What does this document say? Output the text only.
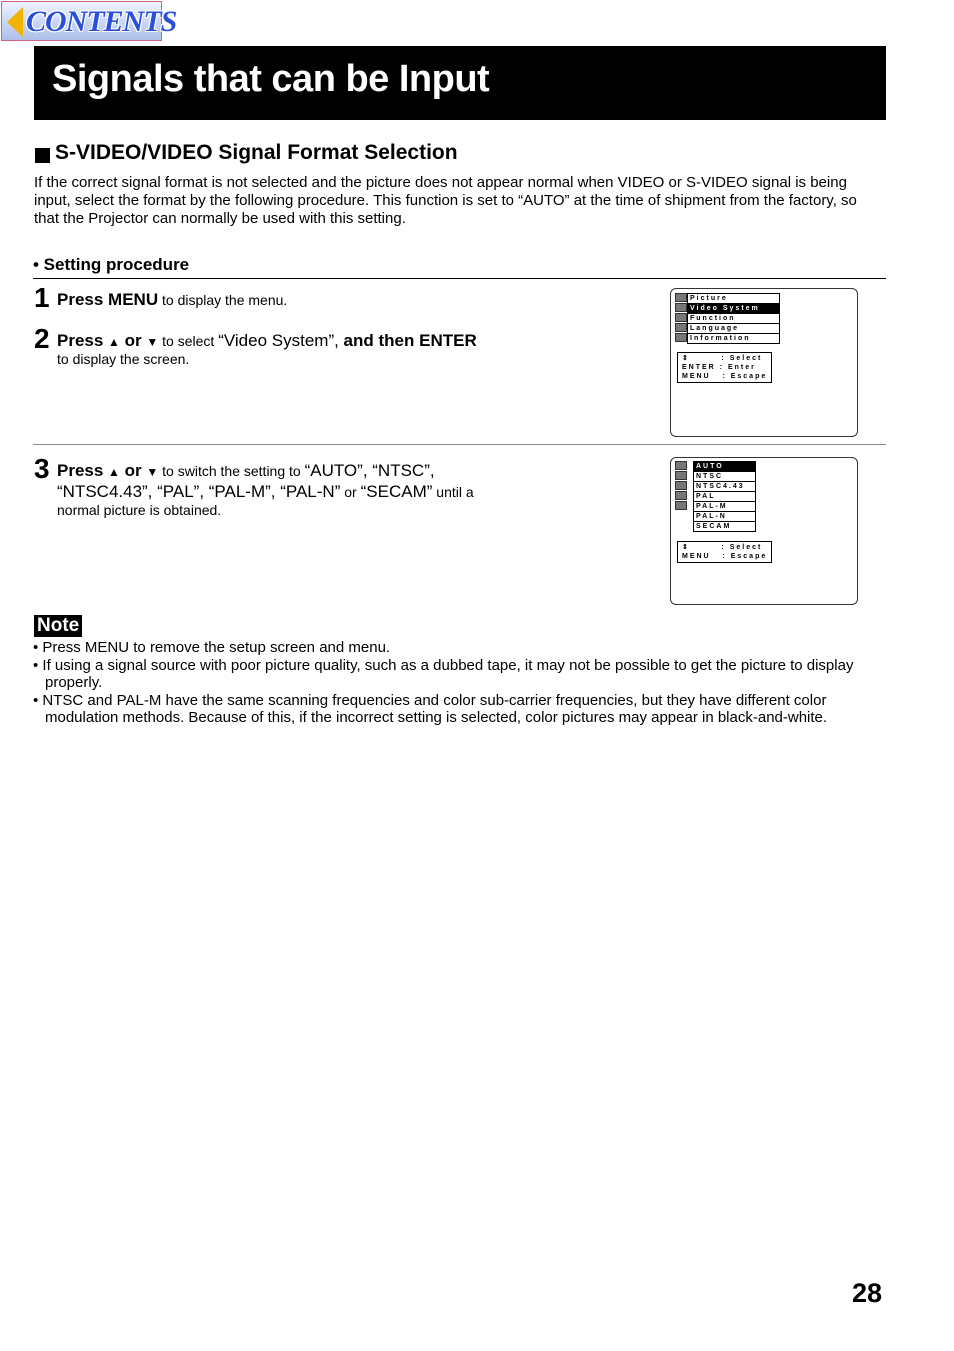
CONTENTS
Signals that can be Input
S-VIDEO/VIDEO Signal Format Selection

If the correct signal format is not selected and the picture does not appear normal when VIDEO or S-VIDEO signal is being input, select the format by the following procedure. This function is set to “AUTO” at the time of shipment from the factory, so that the Projector can normally be used with this setting.

• Setting procedure
1 Press MENU to display the menu.
2 Press ▲ or ▼ to select “Video System”, and then ENTER
to display the screen.
Picture
Video System
Function
Language
Information
⇕        : Select
ENTER : Enter
MENU   : Escape
3 Press ▲ or ▼ to switch the setting to “AUTO”, “NTSC”,
“NTSC4.43”, “PAL”, “PAL-M”, “PAL-N” or “SECAM” until a
normal picture is obtained.
AUTO
NTSC
NTSC4.43
PAL
PAL-M
PAL-N
SECAM
⇕        : Select
MENU   : Escape
Note
• Press MENU to remove the setup screen and menu.
• If using a signal source with poor picture quality, such as a dubbed tape, it may not be possible to get the picture to display properly.
• NTSC and PAL-M have the same scanning frequencies and color sub-carrier frequencies, but they have different color modulation methods. Because of this, if the incorrect setting is selected, color pictures may appear in black-and-white.
28
